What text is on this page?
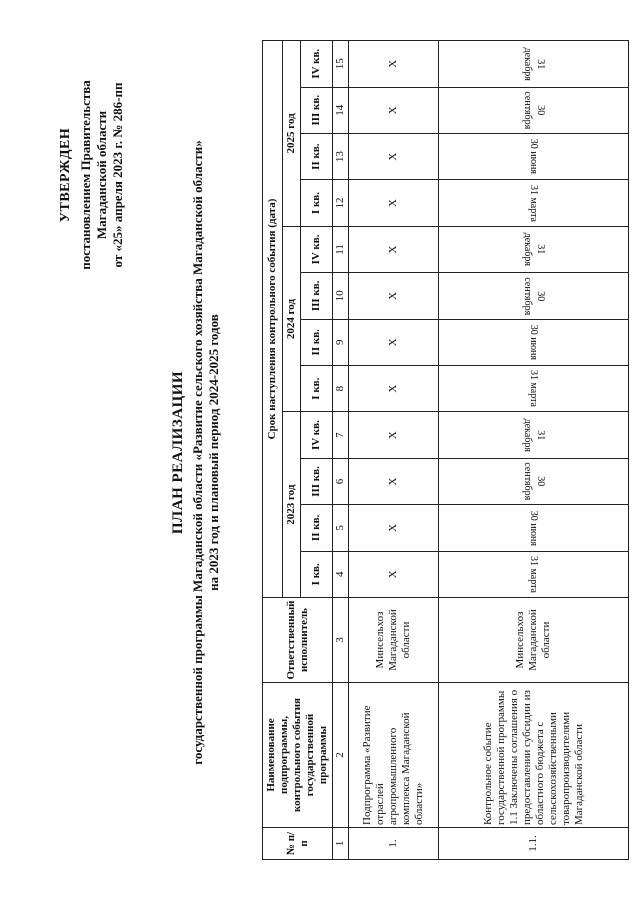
УТВЕРЖДЕН постановлением Правительства Магаданской области от «25» апреля 2023 г. № 286-пп
ПЛАН РЕАЛИЗАЦИИ государственной программы Магаданской области «Развитие сельского хозяйства Магаданской области» на 2023 год и плановый период 2024-2025 годов
№ п/п	Наименование подпрограммы, контрольного события государственной программы	Ответственный исполнитель	Срок наступления контрольного события (дата)											
			2023 год				2024 год				2025 год			
			I кв.	II кв.	III кв.	IV кв.	I кв.	II кв.	III кв.	IV кв.	I кв.	II кв.	III кв.	IV кв.
1	2	3	4	5	6	7	8	9	10	11	12	13	14	15
1.	Подпрограмма «Развитие отраслей агропромышленного комплекса Магаданской области»	Минсельхоз Магаданской области	X	X	X	X	X	X	X	X	X	X	X	X
1.1.	Контрольное событие государственной программы 1.1 Заключены соглашения о предоставлении субсидии из областного бюджета с сельскохозяйственными товаропроизводителями Магаданской области	Минсельхоз Магаданской области	31 марта	30 июня	30 сентября	31 декабря	31 марта	30 июня	30 сентября	31 декабря	31 марта	30 июня	30 сентября	31 декабря
